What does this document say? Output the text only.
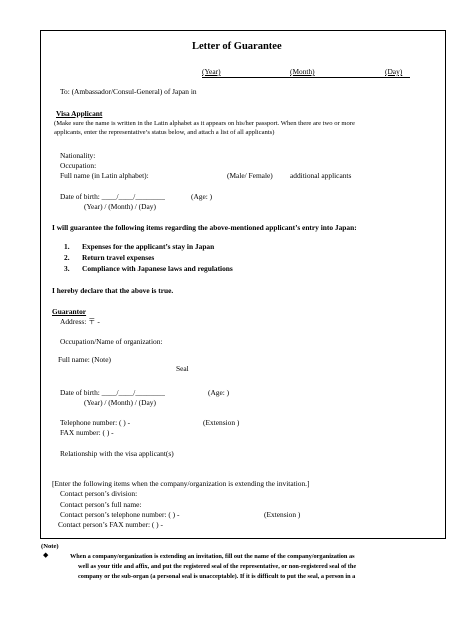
Letter of Guarantee
(Year)	(Month)	(Day)
To: (Ambassador/Consul-General) of Japan in
Visa Applicant
(Make sure the name is written in the Latin alphabet as it appears on his/her passport. When there are two or more
applicants, enter the representative’s status below, and attach a list of all applicants)
Nationality:
Occupation:
Full name (in Latin alphabet):	(Male/ Female) additional applicants
Date of birth: ____/____/________	(Age: )
(Year) / (Month) / (Day)
I will guarantee the following items regarding the above-mentioned applicant’s entry into Japan:
1. Expenses for the applicant’s stay in Japan
2. Return travel expenses
3. Compliance with Japanese laws and regulations
I hereby declare that the above is true.
Guarantor
Address: 〒 -
Occupation/Name of organization:
Seal
Full name: (Note)
Date of birth: ____/____/________	(Age: )
(Year) / (Month) / (Day)
Telephone number: ( ) -	(Extension )
FAX number: ( ) -
Relationship with the visa applicant(s)
[Enter the following items when the company/organization is extending the invitation.]
Contact person’s division:
Contact person’s full name:
Contact person’s telephone number: ( ) -	(Extension )
Contact person’s FAX number: ( ) -
(Note)
◆	When a company/organization is extending an invitation, fill out the name of the company/organization as
well as your title and affix, and put the registered seal of the representative, or non-registered seal of the
company or the sub-organ (a personal seal is unacceptable). If it is difficult to put the seal, a person in a
